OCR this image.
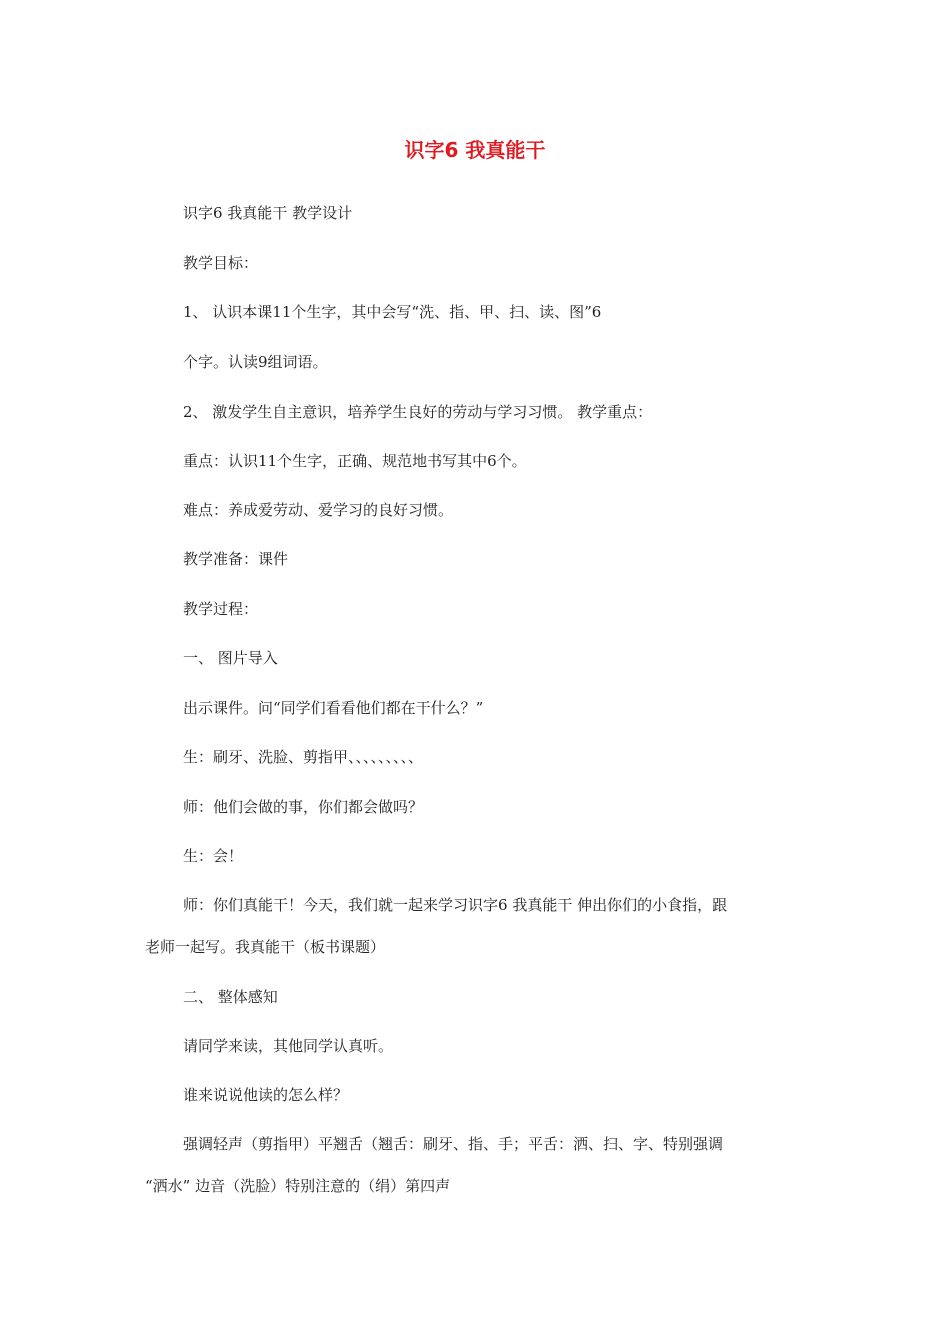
识字6 我真能干
识字6 我真能干 教学设计
教学目标：
1、 认识本课11个生字，其中会写“洗、指、甲、扫、读、图”6
个字。认读9组词语。
2、 激发学生自主意识，培养学生良好的劳动与学习习惯。 教学重点：
重点：认识11个生字，正确、规范地书写其中6个。
难点：养成爱劳动、爱学习的良好习惯。
教学准备：课件
教学过程：
一、 图片导入
出示课件。问“同学们看看他们都在干什么？”
生：刷牙、洗脸、剪指甲、、、、、、、、、
师：他们会做的事，你们都会做吗？
生：会！
师：你们真能干！今天，我们就一起来学习识字6 我真能干 伸出你们的小食指，跟
老师一起写。我真能干（板书课题）
二、 整体感知
请同学来读，其他同学认真听。
谁来说说他读的怎么样？
强调轻声（剪指甲）平翘舌（翘舌：刷牙、指、手；平舌：洒、扫、字、特别强调
“洒水” 边音（洗脸）特别注意的（绢）第四声
